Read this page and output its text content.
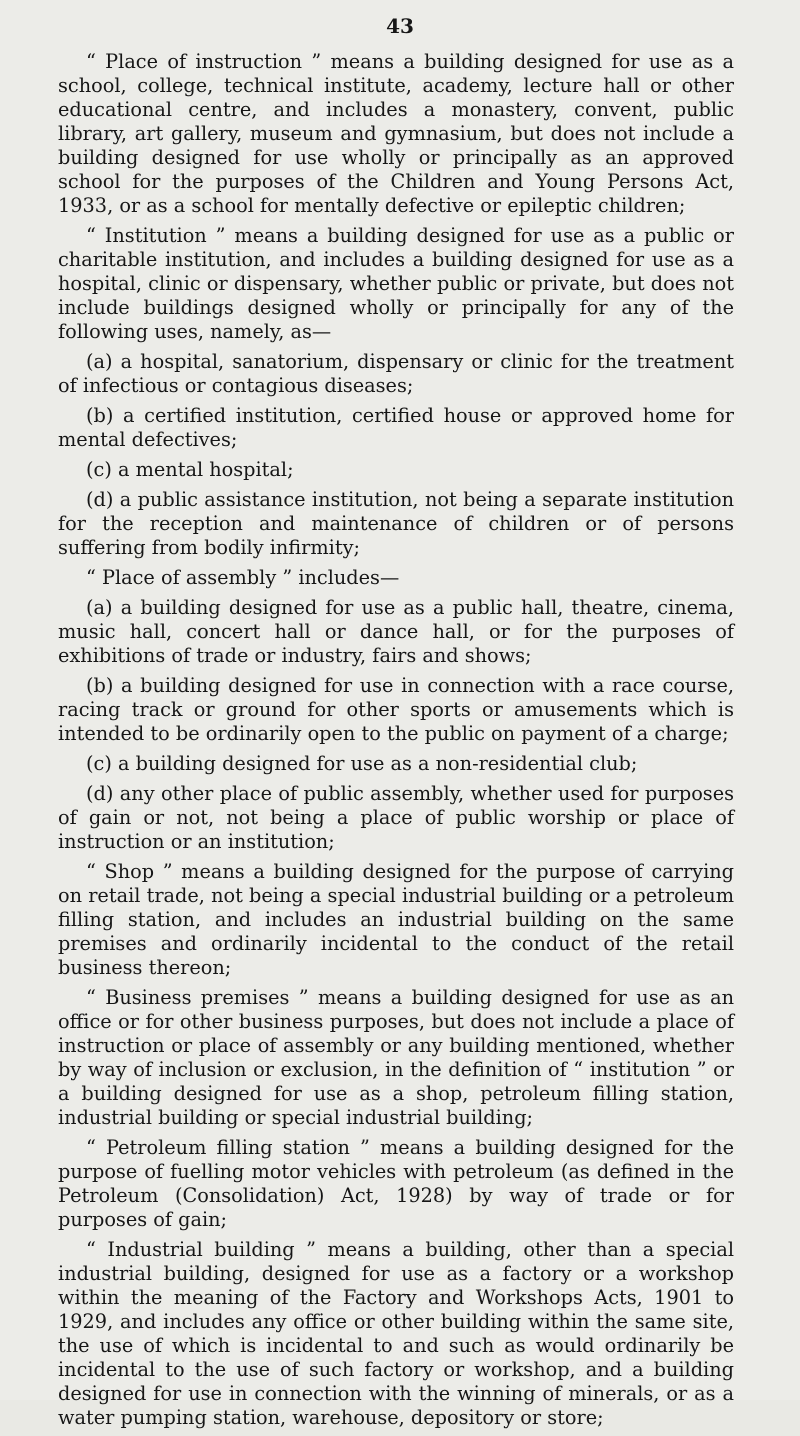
43

“ Place of instruction ” means a building designed for use as a school, college, technical institute, academy, lecture hall or other educational centre, and includes a monastery, convent, public library, art gallery, museum and gymnasium, but does not include a building designed for use wholly or principally as an approved school for the purposes of the Children and Young Persons Act, 1933, or as a school for mentally defective or epileptic children;

“ Institution ” means a building designed for use as a public or charitable institution, and includes a building designed for use as a hospital, clinic or dispensary, whether public or private, but does not include buildings designed wholly or principally for any of the following uses, namely, as—

(a) a hospital, sanatorium, dispensary or clinic for the treatment of infectious or contagious diseases;

(b) a certified institution, certified house or approved home for mental defectives;

(c) a mental hospital;

(d) a public assistance institution, not being a separate institution for the reception and maintenance of children or of persons suffering from bodily infirmity;

“ Place of assembly ” includes—

(a) a building designed for use as a public hall, theatre, cinema, music hall, concert hall or dance hall, or for the purposes of exhibitions of trade or industry, fairs and shows;

(b) a building designed for use in connection with a race course, racing track or ground for other sports or amusements which is intended to be ordinarily open to the public on payment of a charge;

(c) a building designed for use as a non-residential club;

(d) any other place of public assembly, whether used for purposes of gain or not, not being a place of public worship or place of instruction or an institution;

“ Shop ” means a building designed for the purpose of carrying on retail trade, not being a special industrial building or a petroleum filling station, and includes an industrial building on the same premises and ordinarily incidental to the conduct of the retail business thereon;

“ Business premises ” means a building designed for use as an office or for other business purposes, but does not include a place of instruction or place of assembly or any building mentioned, whether by way of inclusion or exclusion, in the definition of “ institution ” or a building designed for use as a shop, petroleum filling station, industrial building or special industrial building;

“ Petroleum filling station ” means a building designed for the purpose of fuelling motor vehicles with petroleum (as defined in the Petroleum (Consolidation) Act, 1928) by way of trade or for purposes of gain;

“ Industrial building ” means a building, other than a special industrial building, designed for use as a factory or a workshop within the meaning of the Factory and Workshops Acts, 1901 to 1929, and includes any office or other building within the same site, the use of which is incidental to and such as would ordinarily be incidental to the use of such factory or workshop, and a building designed for use in connection with the winning of minerals, or as a water pumping station, warehouse, depository or store;
